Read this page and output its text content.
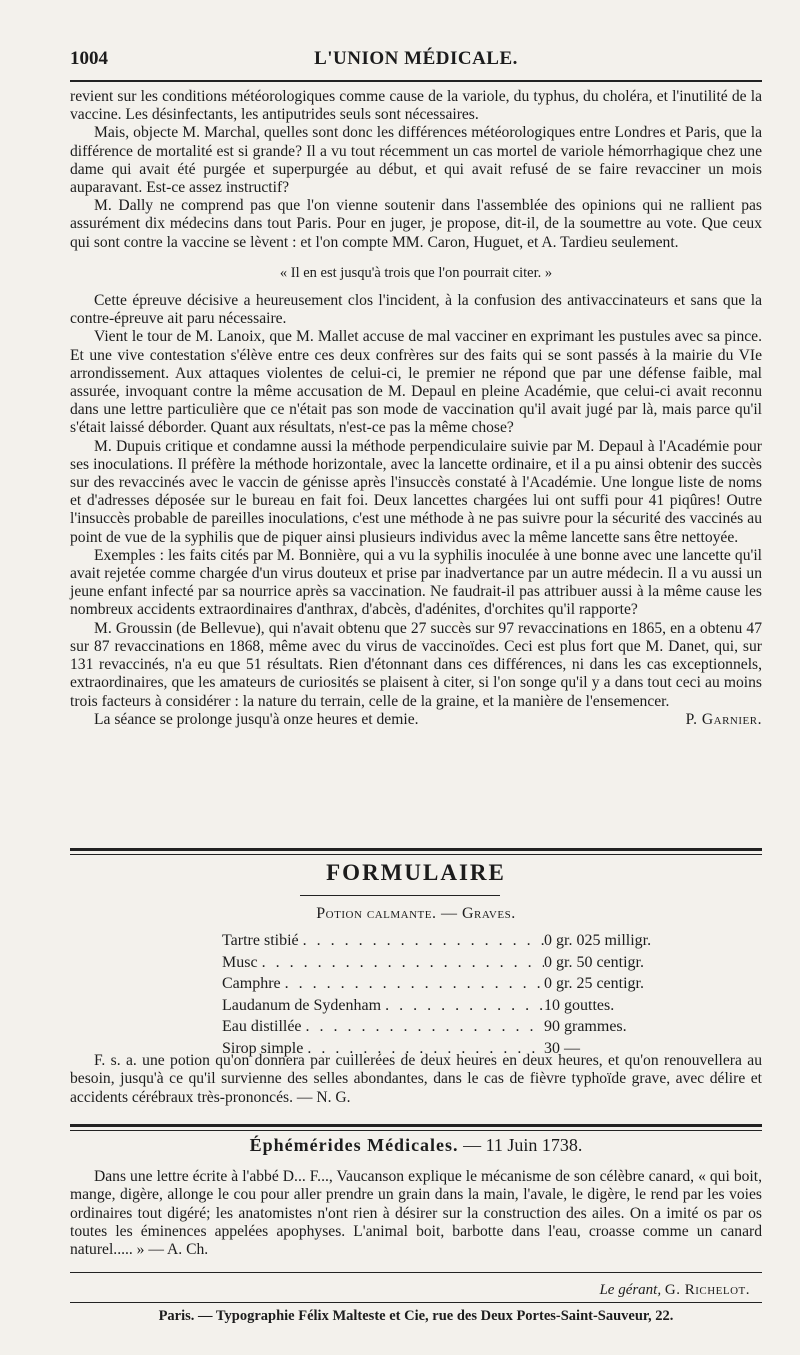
1004	L'UNION MÉDICALE.

revient sur les conditions météorologiques comme cause de la variole, du typhus, du choléra, et l'inutilité de la vaccine. Les désinfectants, les antiputrides seuls sont nécessaires.

Mais, objecte M. Marchal, quelles sont donc les différences météorologiques entre Londres et Paris, que la différence de mortalité est si grande? Il a vu tout récemment un cas mortel de variole hémorrhagique chez une dame qui avait été purgée et superpurgée au début, et qui avait refusé de se faire revacciner un mois auparavant. Est-ce assez instructif?

M. Dally ne comprend pas que l'on vienne soutenir dans l'assemblée des opinions qui ne rallient pas assurément dix médecins dans tout Paris. Pour en juger, je propose, dit-il, de la soumettre au vote. Que ceux qui sont contre la vaccine se lèvent : et l'on compte MM. Caron, Huguet, et A. Tardieu seulement.

« Il en est jusqu'à trois que l'on pourrait citer. »

Cette épreuve décisive a heureusement clos l'incident, à la confusion des antivaccinateurs et sans que la contre-épreuve ait paru nécessaire.

Vient le tour de M. Lanoix, que M. Mallet accuse de mal vacciner en exprimant les pustules avec sa pince. Et une vive contestation s'élève entre ces deux confrères sur des faits qui se sont passés à la mairie du VIe arrondissement. Aux attaques violentes de celui-ci, le premier ne répond que par une défense faible, mal assurée, invoquant contre la même accusation de M. Depaul en pleine Académie, que celui-ci avait reconnu dans une lettre particulière que ce n'était pas son mode de vaccination qu'il avait jugé par là, mais parce qu'il s'était laissé déborder. Quant aux résultats, n'est-ce pas la même chose?

M. Dupuis critique et condamne aussi la méthode perpendiculaire suivie par M. Depaul à l'Académie pour ses inoculations. Il préfère la méthode horizontale, avec la lancette ordinaire, et il a pu ainsi obtenir des succès sur des revaccinés avec le vaccin de génisse après l'insuccès constaté à l'Académie. Une longue liste de noms et d'adresses déposée sur le bureau en fait foi. Deux lancettes chargées lui ont suffi pour 41 piqûres! Outre l'insuccès probable de pareilles inoculations, c'est une méthode à ne pas suivre pour la sécurité des vaccinés au point de vue de la syphilis que de piquer ainsi plusieurs individus avec la même lancette sans être nettoyée.

Exemples : les faits cités par M. Bonnière, qui a vu la syphilis inoculée à une bonne avec une lancette qu'il avait rejetée comme chargée d'un virus douteux et prise par inadvertance par un autre médecin. Il a vu aussi un jeune enfant infecté par sa nourrice après sa vaccination. Ne faudrait-il pas attribuer aussi à la même cause les nombreux accidents extraordinaires d'anthrax, d'abcès, d'adénites, d'orchites qu'il rapporte?

M. Groussin (de Bellevue), qui n'avait obtenu que 27 succès sur 97 revaccinations en 1865, en a obtenu 47 sur 87 revaccinations en 1868, même avec du virus de vaccinoïdes. Ceci est plus fort que M. Danet, qui, sur 131 revaccinés, n'a eu que 51 résultats. Rien d'étonnant dans ces différences, ni dans les cas exceptionnels, extraordinaires, que les amateurs de curiosités se plaisent à citer, si l'on songe qu'il y a dans tout ceci au moins trois facteurs à considérer : la nature du terrain, celle de la graine, et la manière de l'ensemencer.

La séance se prolonge jusqu'à onze heures et demie.	P. Garnier.
FORMULAIRE
Potion calmante. — Graves.
Tartre stibié . . .	0 gr. 025 milligr.
Musc . . .	0 gr. 50 centigr.
Camphre . . .	0 gr. 25 centigr.
Laudanum de Sydenham . . .	10 gouttes.
Eau distillée . . .	90 grammes.
Sirop simple . . .	30 —

F. s. a. une potion qu'on donnera par cuillerées de deux heures en deux heures, et qu'on renouvellera au besoin, jusqu'à ce qu'il survienne des selles abondantes, dans le cas de fièvre typhoïde grave, avec délire et accidents cérébraux très-prononcés. — N. G.

Éphémérides Médicales. — 11 Juin 1738.

Dans une lettre écrite à l'abbé D... F..., Vaucanson explique le mécanisme de son célèbre canard, « qui boit, mange, digère, allonge le cou pour aller prendre un grain dans la main, l'avale, le digère, le rend par les voies ordinaires tout digéré; les anatomistes n'ont rien à désirer sur la construction des ailes. On a imité os par os toutes les éminences appelées apophyses. L'animal boit, barbotte dans l'eau, croasse comme un canard naturel..... » — A. Ch.

Le gérant, G. Richelot.
Paris. — Typographie Félix Malteste et Cie, rue des Deux Portes-Saint-Sauveur, 22.
